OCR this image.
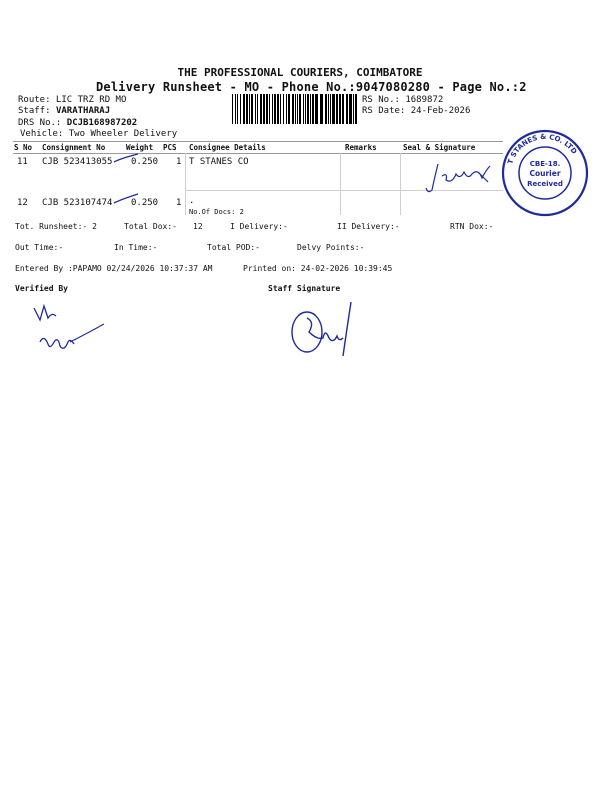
THE PROFESSIONAL COURIERS, COIMBATORE
Delivery Runsheet - MO - Phone No.:9047080280 - Page No.:2
Route: LIC TRZ RD MO
Staff: VARATHARAJ
DRS No.: DCJB168987202
Vehicle: Two Wheeler Delivery
RS No.: 1689872
RS Date: 24-Feb-2026
S No Consignment No	Weight PCS Consignee Details	Remarks	Seal & Signature
11 CJB 523413055 0.250 1 T STANES CO
12 CJB 523107474 0.250 1 .
No.Of Docs: 2
T STANES & CO. LTD
CBE-18.
Courier
Received
Tot. Runsheet:- 2	Total Dox:- 12	I Delivery:-	II Delivery:-	RTN Dox:-
Out Time:-	In Time:-	Total POD:-	Delvy Points:-
Entered By :PAPAMO 02/24/2026 10:37:37 AM	Printed on: 24-02-2026 10:39:45
Verified By	Staff Signature
